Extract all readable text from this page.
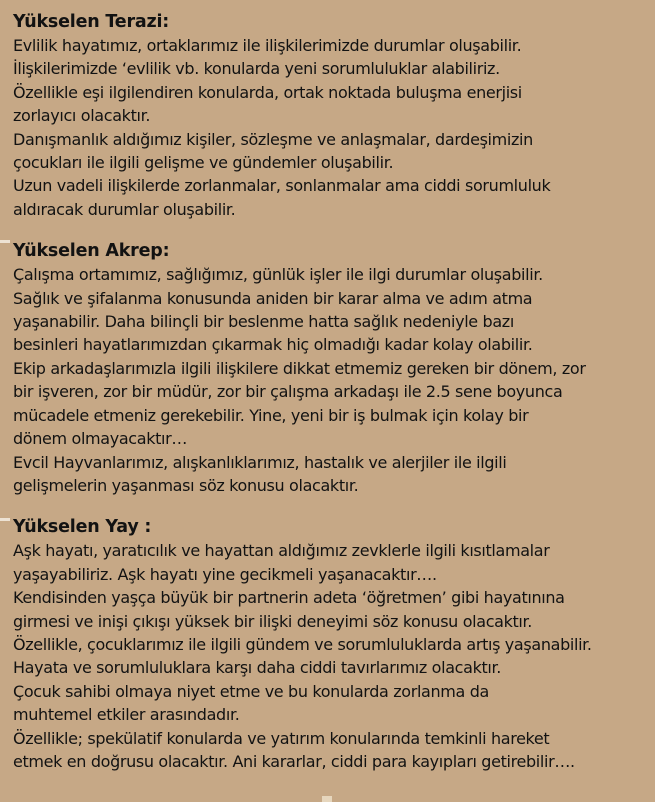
Yükselen Terazi:

Evlilik hayatımız, ortaklarımız ile ilişkilerimizde durumlar oluşabilir.

İlişkilerimizde ‘evlilik vb. konularda yeni sorumluluklar alabiliriz.

Özellikle eşi ilgilendiren konularda, ortak noktada buluşma enerjisi

zorlayıcı olacaktır.

Danışmanlık aldığımız kişiler, sözleşme ve anlaşmalar, dardeşimizin

çocukları ile ilgili gelişme ve gündemler oluşabilir.

Uzun vadeli ilişkilerde zorlanmalar, sonlanmalar ama ciddi sorumluluk

aldıracak durumlar oluşabilir.

Yükselen Akrep:

Çalışma ortamımız, sağlığımız, günlük işler ile ilgi durumlar oluşabilir.

Sağlık ve şifalanma konusunda aniden bir karar alma ve adım atma

yaşanabilir. Daha bilinçli bir beslenme hatta sağlık nedeniyle bazı

besinleri hayatlarımızdan çıkarmak hiç olmadığı kadar kolay olabilir.

Ekip arkadaşlarımızla ilgili ilişkilere dikkat etmemiz gereken bir dönem, zor

bir işveren, zor bir müdür, zor bir çalışma arkadaşı ile 2.5 sene boyunca

mücadele etmeniz gerekebilir. Yine, yeni bir iş bulmak için kolay bir

dönem olmayacaktır…

Evcil Hayvanlarımız, alışkanlıklarımız, hastalık ve alerjiler ile ilgili

gelişmelerin yaşanması söz konusu olacaktır.

Yükselen Yay :

Aşk hayatı, yaratıcılık ve hayattan aldığımız zevklerle ilgili kısıtlamalar

yaşayabiliriz. Aşk hayatı yine gecikmeli yaşanacaktır….

Kendisinden yaşça büyük bir partnerin adeta ‘öğretmen’ gibi hayatınına

girmesi ve inişi çıkışı yüksek bir ilişki deneyimi söz konusu olacaktır.

Özellikle, çocuklarımız ile ilgili gündem ve sorumluluklarda artış yaşanabilir.

Hayata ve sorumluluklara karşı daha ciddi tavırlarımız olacaktır.

Çocuk sahibi olmaya niyet etme ve bu konularda zorlanma da

muhtemel etkiler arasındadır.

Özellikle; spekülatif konularda ve yatırım konularında temkinli hareket

etmek en doğrusu olacaktır. Ani kararlar, ciddi para kayıpları getirebilir….
